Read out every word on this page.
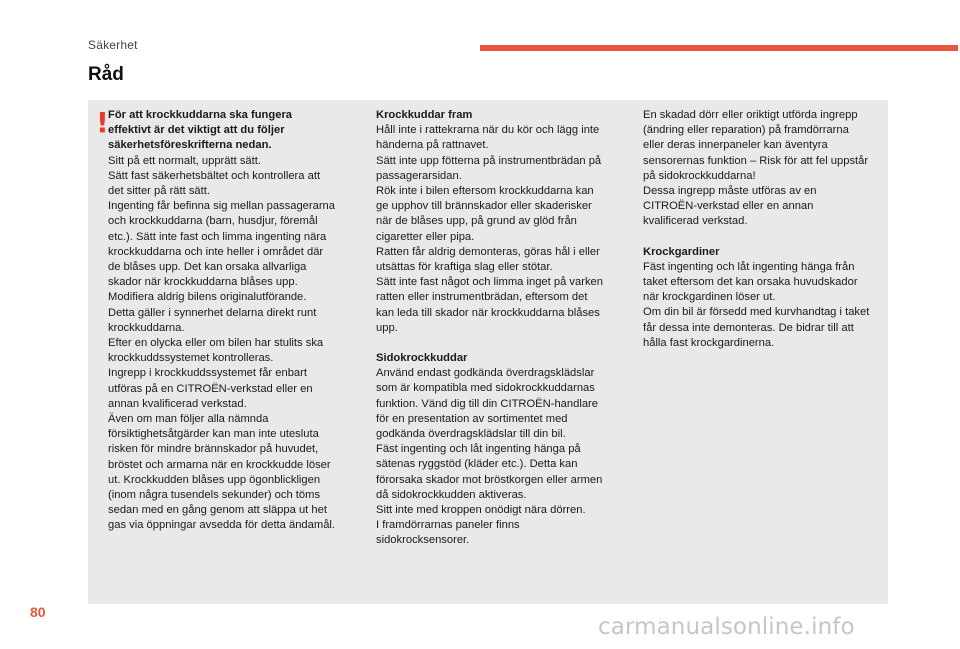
Säkerhet
Råd
! För att krockkuddarna ska fungera
effektivt är det viktigt att du följer
säkerhetsföreskrifterna nedan.

Sitt på ett normalt, upprätt sätt.
Sätt fast säkerhetsbältet och kontrollera att
det sitter på rätt sätt.
Ingenting får befinna sig mellan passagerarna
och krockkuddarna (barn, husdjur, föremål
etc.). Sätt inte fast och limma ingenting nära
krockkuddarna och inte heller i området där
de blåses upp. Det kan orsaka allvarliga
skador när krockkuddarna blåses upp.
Modifiera aldrig bilens originalutförande.
Detta gäller i synnerhet delarna direkt runt
krockkuddarna.
Efter en olycka eller om bilen har stulits ska
krockkuddssystemet kontrolleras.
Ingrepp i krockkuddssystemet får enbart
utföras på en CITROËN-verkstad eller en
annan kvalificerad verkstad.
Även om man följer alla nämnda
försiktighetsåtgärder kan man inte utesluta
risken för mindre brännskador på huvudet,
bröstet och armarna när en krockkudde löser
ut. Krockkudden blåses upp ögonblickligen
(inom några tusendels sekunder) och töms
sedan med en gång genom att släppa ut het
gas via öppningar avsedda för detta ändamål.

Krockkuddar fram

Håll inte i rattekrarna när du kör och lägg inte
händerna på rattnavet.
Sätt inte upp fötterna på instrumentbrädan på
passagerarsidan.
Rök inte i bilen eftersom krockkuddarna kan
ge upphov till brännskador eller skaderisker
när de blåses upp, på grund av glöd från
cigaretter eller pipa.
Ratten får aldrig demonteras, göras hål i eller
utsättas för kraftiga slag eller stötar.
Sätt inte fast något och limma inget på varken
ratten eller instrumentbrädan, eftersom det
kan leda till skador när krockkuddarna blåses
upp.

Sidokrockkuddar

Använd endast godkända överdragsklädslar
som är kompatibla med sidokrockkuddarnas
funktion. Vänd dig till din CITROËN-handlare
för en presentation av sortimentet med
godkända överdragsklädslar till din bil.
Fäst ingenting och låt ingenting hänga på
sätenas ryggstöd (kläder etc.). Detta kan
förorsaka skador mot bröstkorgen eller armen
då sidokrockkudden aktiveras.
Sitt inte med kroppen onödigt nära dörren.
I framdörrarnas paneler finns
sidokrocksensorer.

En skadad dörr eller oriktigt utförda ingrepp
(ändring eller reparation) på framdörrarna
eller deras innerpaneler kan äventyra
sensorernas funktion – Risk för att fel uppstår
på sidokrockkuddarna!
Dessa ingrepp måste utföras av en
CITROËN-verkstad eller en annan
kvalificerad verkstad.

Krockgardiner

Fäst ingenting och låt ingenting hänga från
taket eftersom det kan orsaka huvudskador
när krockgardinen löser ut.
Om din bil är försedd med kurvhandtag i taket
får dessa inte demonteras. De bidrar till att
hålla fast krockgardinerna.

80
carmanualsonline.info
